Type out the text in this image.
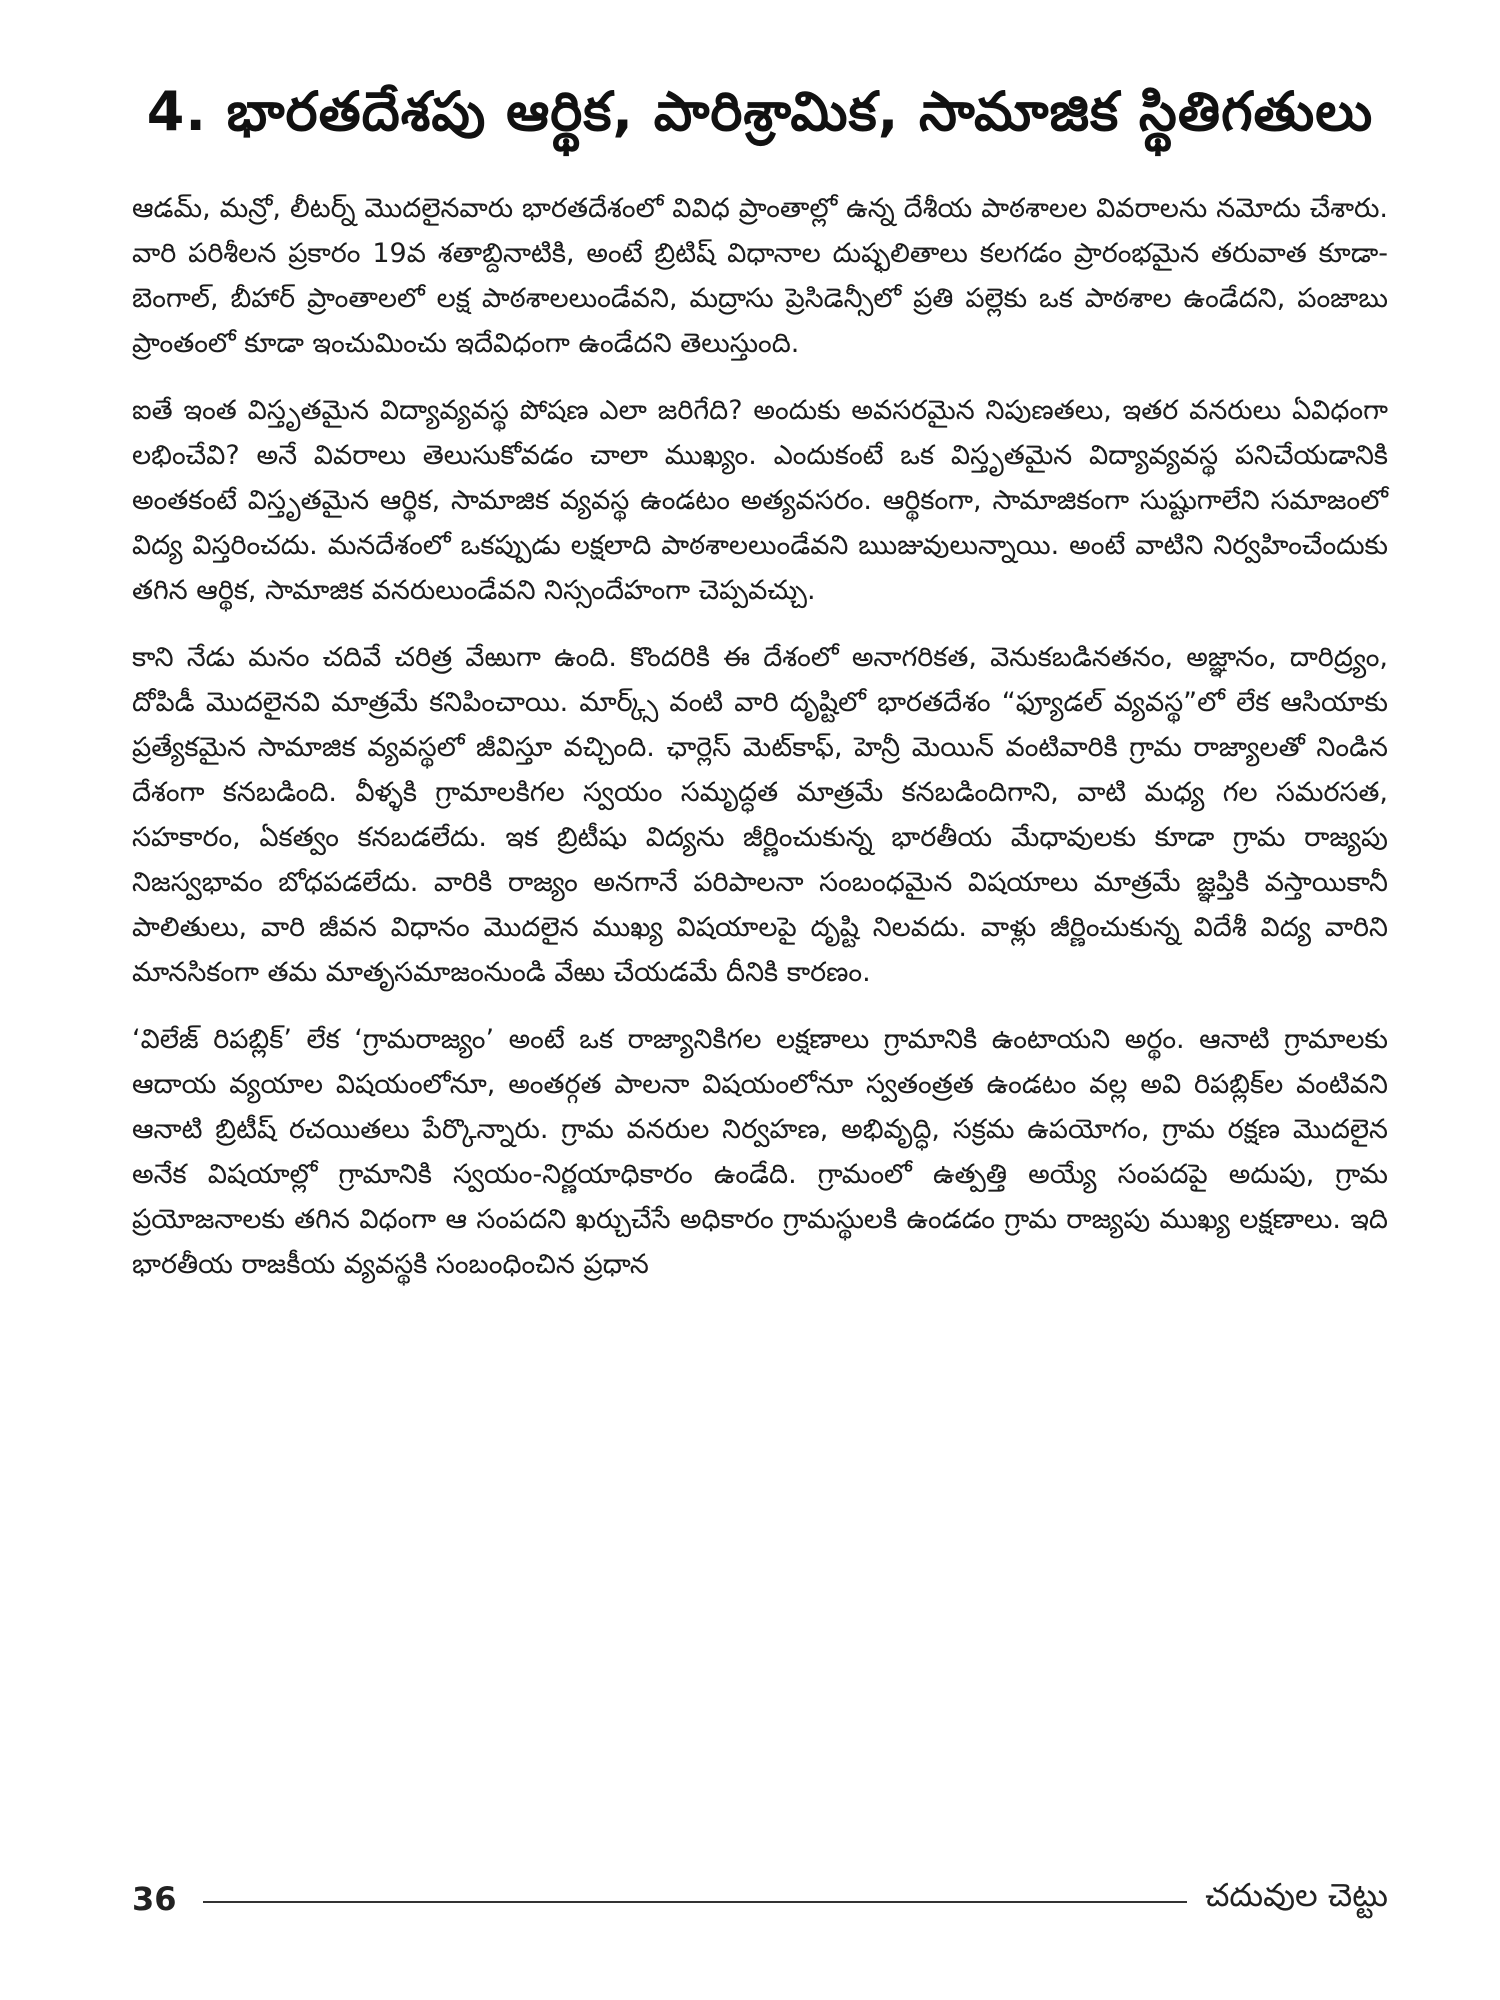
4. భారతదేశపు ఆర్థిక, పారిశ్రామిక, సామాజిక స్థితిగతులు

ఆడమ్, మన్రో, లీటర్న్ మొదలైనవారు భారతదేశంలో వివిధ ప్రాంతాల్లో ఉన్న దేశీయ పాఠశాలల వివరాలను నమోదు చేశారు. వారి పరిశీలన ప్రకారం 19వ శతాబ్దినాటికి, అంటే బ్రిటిష్ విధానాల దుష్ఫలితాలు కలగడం ప్రారంభమైన తరువాత కూడా-బెంగాల్, బీహార్ ప్రాంతాలలో లక్ష పాఠశాలలుండేవని, మద్రాసు ప్రెసిడెన్సీలో ప్రతి పల్లెకు ఒక పాఠశాల ఉండేదని, పంజాబు ప్రాంతంలో కూడా ఇంచుమించు ఇదేవిధంగా ఉండేదని తెలుస్తుంది.

ఐతే ఇంత విస్తృతమైన విద్యావ్యవస్థ పోషణ ఎలా జరిగేది? అందుకు అవసరమైన నిపుణతలు, ఇతర వనరులు ఏవిధంగా లభించేవి? అనే వివరాలు తెలుసుకోవడం చాలా ముఖ్యం. ఎందుకంటే ఒక విస్తృతమైన విద్యావ్యవస్థ పనిచేయడానికి అంతకంటే విస్తృతమైన ఆర్థిక, సామాజిక వ్యవస్థ ఉండటం అత్యవసరం. ఆర్థికంగా, సామాజికంగా సుష్టుగాలేని సమాజంలో విద్య విస్తరించదు. మనదేశంలో ఒకప్పుడు లక్షలాది పాఠశాలలుండేవని ఋజువులున్నాయి. అంటే వాటిని నిర్వహించేందుకు తగిన ఆర్థిక, సామాజిక వనరులుండేవని నిస్సందేహంగా చెప్పవచ్చు.

కాని నేడు మనం చదివే చరిత్ర వేఱుగా ఉంది. కొందరికి ఈ దేశంలో అనాగరికత, వెనుకబడినతనం, అజ్ఞానం, దారిద్ర్యం, దోపిడీ మొదలైనవి మాత్రమే కనిపించాయి. మార్క్స్ వంటి వారి దృష్టిలో భారతదేశం “ఫ్యూడల్ వ్యవస్థ”లో లేక ఆసియాకు ప్రత్యేకమైన సామాజిక వ్యవస్థలో జీవిస్తూ వచ్చింది. ఛార్లెస్ మెట్‌కాఫ్, హెన్రీ మెయిన్ వంటివారికి గ్రామ రాజ్యాలతో నిండిన దేశంగా కనబడింది. వీళ్ళకి గ్రామాలకిగల స్వయం సమృద్ధత మాత్రమే కనబడిందిగాని, వాటి మధ్య గల సమరసత, సహకారం, ఏకత్వం కనబడలేదు. ఇక బ్రిటీషు విద్యను జీర్ణించుకున్న భారతీయ మేధావులకు కూడా గ్రామ రాజ్యపు నిజస్వభావం బోధపడలేదు. వారికి రాజ్యం అనగానే పరిపాలనా సంబంధమైన విషయాలు మాత్రమే జ్ఞప్తికి వస్తాయికానీ పాలితులు, వారి జీవన విధానం మొదలైన ముఖ్య విషయాలపై దృష్టి నిలవదు. వాళ్లు జీర్ణించుకున్న విదేశీ విద్య వారిని మానసికంగా తమ మాతృసమాజంనుండి వేఱు చేయడమే దీనికి కారణం.

‘విలేజ్ రిపబ్లిక్’ లేక ‘గ్రామరాజ్యం’ అంటే ఒక రాజ్యానికిగల లక్షణాలు గ్రామానికి ఉంటాయని అర్థం. ఆనాటి గ్రామాలకు ఆదాయ వ్యయాల విషయంలోనూ, అంతర్గత పాలనా విషయంలోనూ స్వతంత్రత ఉండటం వల్ల అవి రిపబ్లిక్‌ల వంటివని ఆనాటి బ్రిటీష్ రచయితలు పేర్కొన్నారు. గ్రామ వనరుల నిర్వహణ, అభివృద్ధి, సక్రమ ఉపయోగం, గ్రామ రక్షణ మొదలైన అనేక విషయాల్లో గ్రామానికి స్వయం-నిర్ణయాధికారం ఉండేది. గ్రామంలో ఉత్పత్తి అయ్యే సంపదపై అదుపు, గ్రామ ప్రయోజనాలకు తగిన విధంగా ఆ సంపదని ఖర్చుచేసే అధికారం గ్రామస్థులకి ఉండడం గ్రామ రాజ్యపు ముఖ్య లక్షణాలు. ఇది భారతీయ రాజకీయ వ్యవస్థకి సంబంధించిన ప్రధాన

36	చదువుల చెట్టు
